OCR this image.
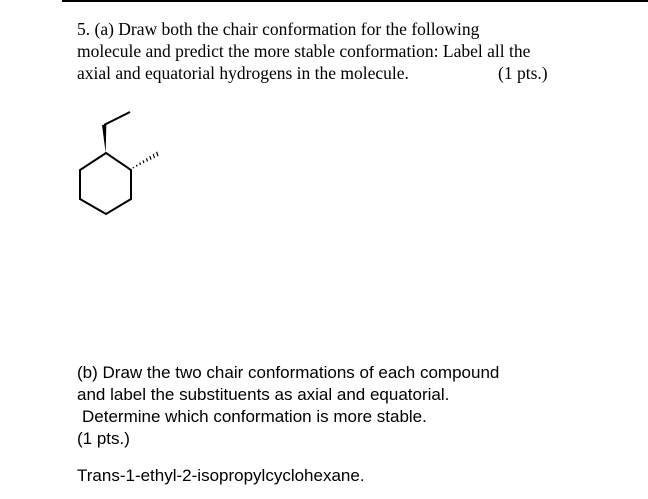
5. (a) Draw both the chair conformation for the following
molecule and predict the more stable conformation: Label all the
axial and equatorial hydrogens in the molecule.	(1 pts.)
(b) Draw the two chair conformations of each compound
and label the substituents as axial and equatorial.
Determine which conformation is more stable.
(1 pts.)
Trans-1-ethyl-2-isopropylcyclohexane.
